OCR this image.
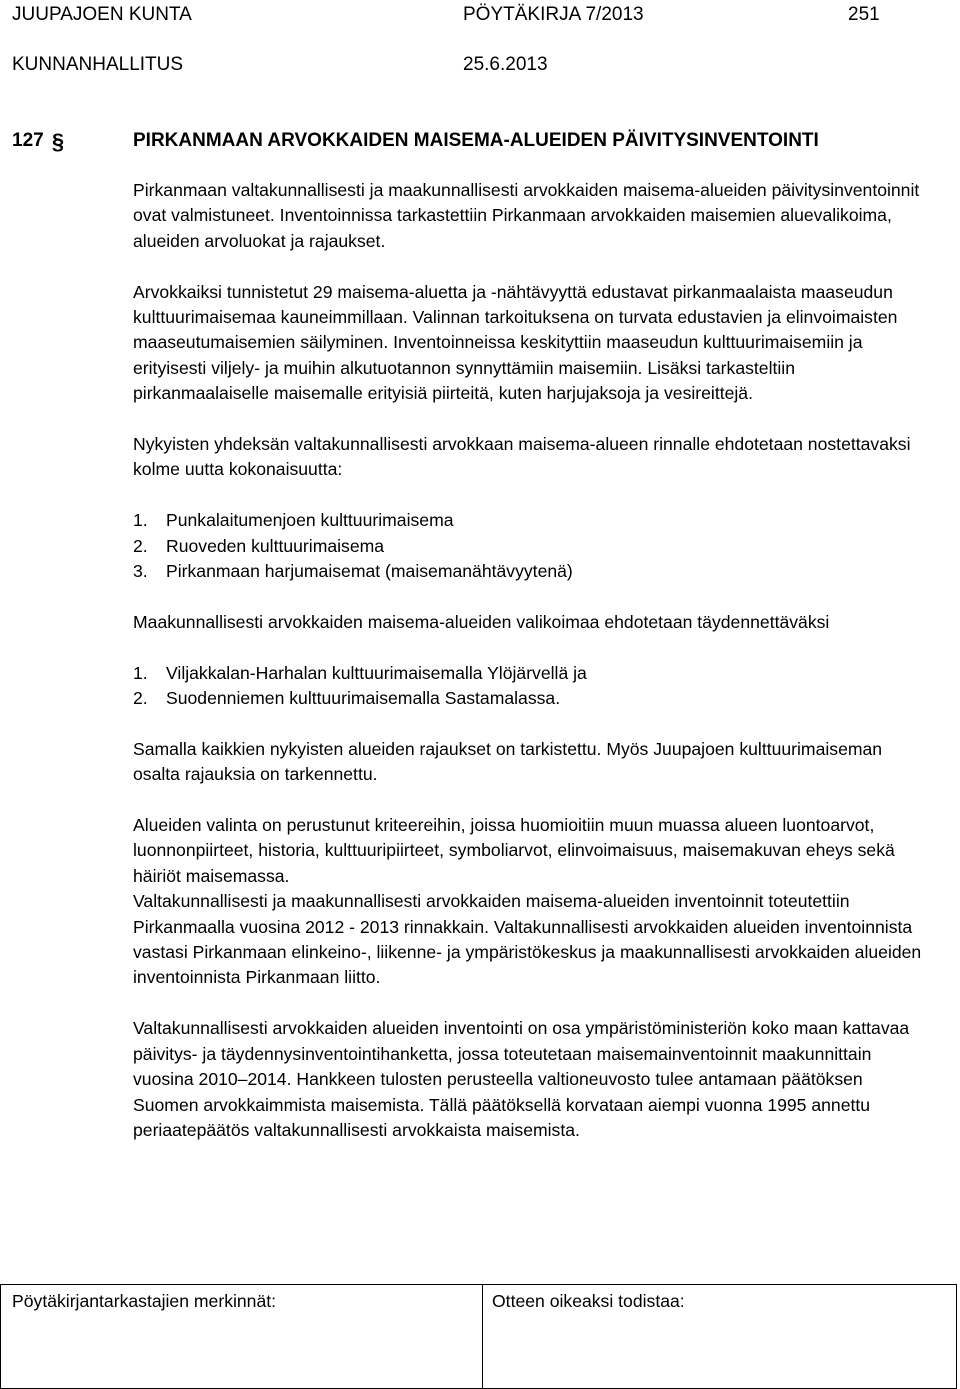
JUUPAJOEN KUNTA	PÖYTÄKIRJA 7/2013	251
KUNNANHALLITUS	25.6.2013
127 §	PIRKANMAAN ARVOKKAIDEN MAISEMA-ALUEIDEN PÄIVITYSINVENTOINTI

Pirkanmaan valtakunnallisesti ja maakunnallisesti arvokkaiden maisema-alueiden päivitysinventoinnit ovat valmistuneet. Inventoinnissa tarkastettiin Pirkanmaan arvokkaiden maisemien aluevalikoima, alueiden arvoluokat ja rajaukset.

Arvokkaiksi tunnistetut 29 maisema-aluetta ja -nähtävyyttä edustavat pirkanmaalaista maaseudun kulttuurimaisemaa kauneimmillaan. Valinnan tarkoituksena on turvata edustavien ja elinvoimaisten maaseutumaisemien säilyminen. Inventoinneissa keskityttiin maaseudun kulttuurimaisemiin ja erityisesti viljely- ja muihin alkutuotannon synnyttämiin maisemiin. Lisäksi tarkasteltiin pirkanmaalaiselle maisemalle erityisiä piirteitä, kuten harjujaksoja ja vesireittejä.

Nykyisten yhdeksän valtakunnallisesti arvokkaan maisema-alueen rinnalle ehdotetaan nostettavaksi kolme uutta kokonaisuutta:

1. Punkalaitumenjoen kulttuurimaisema
2. Ruoveden kulttuurimaisema
3. Pirkanmaan harjumaisemat (maisemanähtävyytenä)

Maakunnallisesti arvokkaiden maisema-alueiden valikoimaa ehdotetaan täydennettäväksi

1. Viljakkalan-Harhalan kulttuurimaisemalla Ylöjärvellä ja
2. Suodenniemen kulttuurimaisemalla Sastamalassa.

Samalla kaikkien nykyisten alueiden rajaukset on tarkistettu. Myös Juupajoen kulttuurimaiseman osalta rajauksia on tarkennettu.

Alueiden valinta on perustunut kriteereihin, joissa huomioitiin muun muassa alueen luontoarvot, luonnonpiirteet, historia, kulttuuripiirteet, symboliarvot, elinvoimaisuus, maisemakuvan eheys sekä häiriöt maisemassa.

Valtakunnallisesti ja maakunnallisesti arvokkaiden maisema-alueiden inventoinnit toteutettiin Pirkanmaalla vuosina 2012 - 2013 rinnakkain. Valtakunnallisesti arvokkaiden alueiden inventoinnista vastasi Pirkanmaan elinkeino-, liikenne- ja ympäristökeskus ja maakunnallisesti arvokkaiden alueiden inventoinnista Pirkanmaan liitto.

Valtakunnallisesti arvokkaiden alueiden inventointi on osa ympäristöministeriön koko maan kattavaa päivitys- ja täydennysinventointihanketta, jossa toteutetaan maisemainventoinnit maakunnittain vuosina 2010–2014. Hankkeen tulosten perusteella valtioneuvosto tulee antamaan päätöksen Suomen arvokkaimmista maisemista. Tällä päätöksellä korvataan aiempi vuonna 1995 annettu periaatepäätös valtakunnallisesti arvokkaista maisemista.

Pöytäkirjantarkastajien merkinnät:	Otteen oikeaksi todistaa:
